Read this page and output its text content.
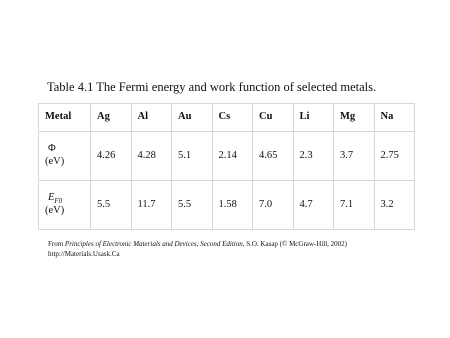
Table 4.1 The Fermi energy and work function of selected metals.
Metal	Ag	Al	Au	Cs	Cu	Li	Mg	Na

Φ
(eV)	4.26	4.28	5.1	2.14	4.65	2.3	3.7	2.75

$E_{F0}$
(eV)	5.5	11.7	5.5	1.58	7.0	4.7	7.1	3.2
From Principles of Electronic Materials and Devices, Second Edition, S.O. Kasap (© McGraw-Hill, 2002)
http://Materials.Usask.Ca
